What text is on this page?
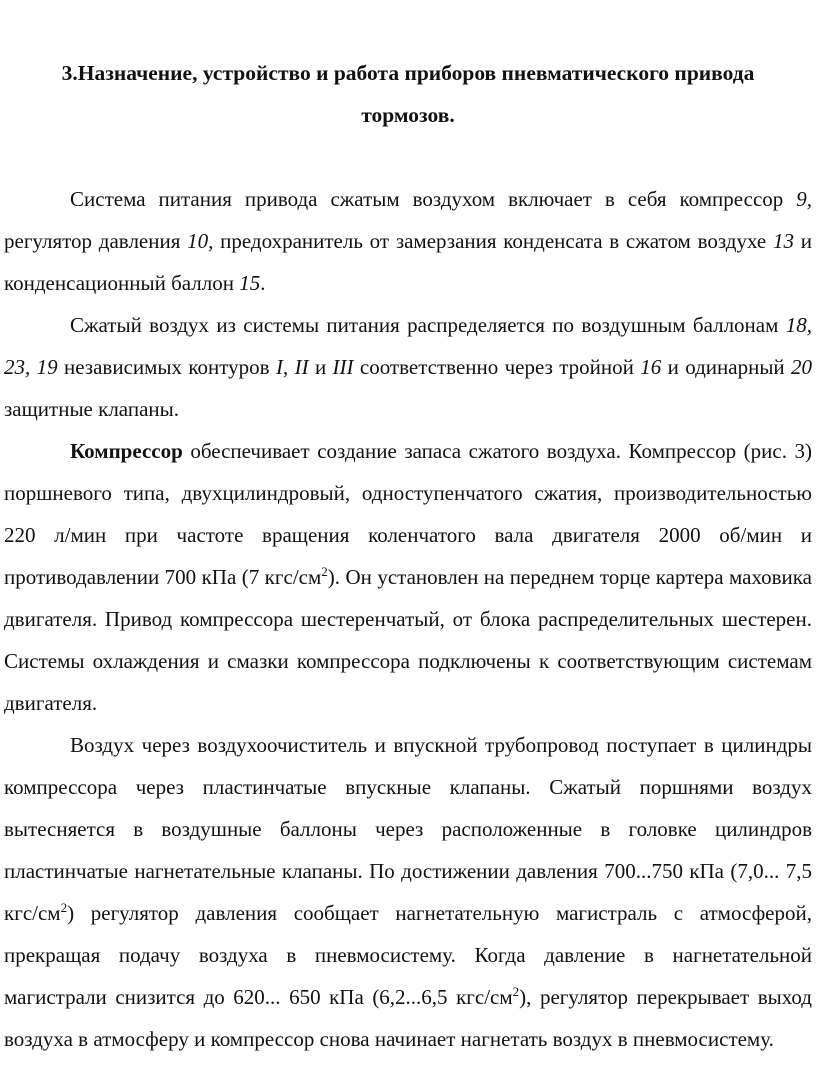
3.Назначение, устройство и работа приборов пневматического привода
тормозов.

Система питания привода сжатым воздухом включает в себя компрессор 9, регулятор давления 10, предохранитель от замерзания конденсата в сжатом воздухе 13 и конденсационный баллон 15.

Сжатый воздух из системы питания распределяется по воздушным баллонам 18, 23, 19 независимых контуров I, II и III соответственно через тройной 16 и одинарный 20 защитные клапаны.

Компрессор обеспечивает создание запаса сжатого воздуха. Компрессор (рис. 3) поршневого типа, двухцилиндровый, одноступенчатого сжатия, производительностью 220 л/мин при частоте вращения коленчатого вала двигателя 2000 об/мин и противодавлении 700 кПа (7 кгс/$см^2$). Он установлен на переднем торце картера маховика двигателя. Привод компрессора шестеренчатый, от блока распределительных шестерен. Системы охлаждения и смазки компрессора подключены к соответствующим системам двигателя.

Воздух через воздухоочиститель и впускной трубопровод поступает в цилиндры компрессора через пластинчатые впускные клапаны. Сжатый поршнями воздух вытесняется в воздушные баллоны через расположенные в головке цилиндров пластинчатые нагнетательные клапаны. По достижении давления 700...750 кПа (7,0... 7,5 кгс/$см^2$) регулятор давления сообщает нагнетательную магистраль с атмосферой, прекращая подачу воздуха в пневмосистему. Когда давление в нагнетательной магистрали снизится до 620... 650 кПа (6,2...6,5 кгс/$см^2$), регулятор перекрывает выход воздуха в атмосферу и компрессор снова начинает нагнетать воздух в пневмосистему.
